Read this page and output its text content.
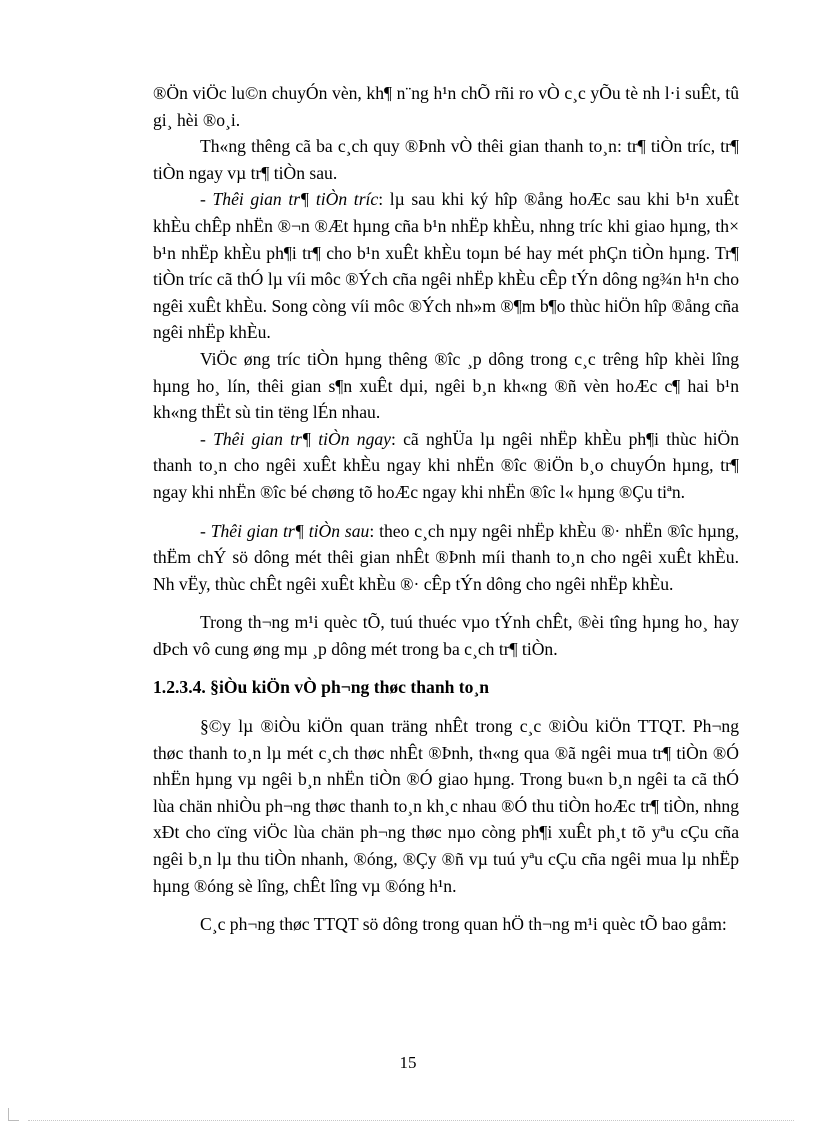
®Ön viÖc lu©n chuyÓn vèn, kh¶ n¨ng h¹n chÕ rñi ro vÒ c¸c yÕu tè nh l·i suÊt, tû gi¸ hèi ®o¸i.

Th«ng thêng cã ba c¸ch quy ®Þnh vÒ thêi gian thanh to¸n: tr¶ tiÒn tríc, tr¶ tiÒn ngay vµ tr¶ tiÒn sau.

- Thêi gian tr¶ tiÒn tríc: lµ sau khi ký hîp ®ång hoÆc sau khi b¹n xuÊt khÈu chÊp nhËn ®¬n ®Æt hµng cña b¹n nhËp khÈu, nhng tríc khi giao hµng, th× b¹n nhËp khÈu ph¶i tr¶ cho b¹n xuÊt khÈu toµn bé hay mét phÇn tiÒn hµng. Tr¶ tiÒn tríc cã thÓ lµ víi môc ®Ých cña ngêi nhËp khÈu cÊp tÝn dông ng¾n h¹n cho ngêi xuÊt khÈu. Song còng víi môc ®Ých nh»m ®¶m b¶o thùc hiÖn hîp ®ång cña ngêi nhËp khÈu.

ViÖc øng tríc tiÒn hµng thêng ®îc ¸p dông trong c¸c trêng hîp khèi lîng hµng ho¸ lín, thêi gian s¶n xuÊt dµi, ngêi b¸n kh«ng ®ñ vèn hoÆc c¶ hai b¹n kh«ng thËt sù tin tëng lÉn nhau.

- Thêi gian tr¶ tiÒn ngay: cã nghÜa lµ ngêi nhËp khÈu ph¶i thùc hiÖn thanh to¸n cho ngêi xuÊt khÈu ngay khi nhËn ®îc ®iÖn b¸o chuyÓn hµng, tr¶ ngay khi nhËn ®îc bé chøng tõ hoÆc ngay khi nhËn ®îc l« hµng ®Çu tiªn.

- Thêi gian tr¶ tiÒn sau: theo c¸ch nµy ngêi nhËp khÈu ®· nhËn ®îc hµng, thËm chÝ sö dông mét thêi gian nhÊt ®Þnh míi thanh to¸n cho ngêi xuÊt khÈu. Nh vËy, thùc chÊt ngêi xuÊt khÈu ®· cÊp tÝn dông cho ngêi nhËp khÈu.

Trong th¬ng m¹i quèc tÕ, tuú thuéc vµo tÝnh chÊt, ®èi tîng hµng ho¸ hay dÞch vô cung øng mµ ¸p dông mét trong ba c¸ch tr¶ tiÒn.

1.2.3.4. §iÒu kiÖn vÒ ph¬ng thøc thanh to¸n

§©y lµ ®iÒu kiÖn quan träng nhÊt trong c¸c ®iÒu kiÖn TTQT. Ph¬ng thøc thanh to¸n lµ mét c¸ch thøc nhÊt ®Þnh, th«ng qua ®ã ngêi mua tr¶ tiÒn ®Ó nhËn hµng vµ ngêi b¸n nhËn tiÒn ®Ó giao hµng. Trong bu«n b¸n ngêi ta cã thÓ lùa chän nhiÒu ph¬ng thøc thanh to¸n kh¸c nhau ®Ó thu tiÒn hoÆc tr¶ tiÒn, nhng xÐt cho cïng viÖc lùa chän ph¬ng thøc nµo còng ph¶i xuÊt ph¸t tõ yªu cÇu cña ngêi b¸n lµ thu tiÒn nhanh, ®óng, ®Çy ®ñ vµ tuú yªu cÇu cña ngêi mua lµ nhËp hµng ®óng sè lîng, chÊt lîng vµ ®óng h¹n.

C¸c ph¬ng thøc TTQT sö dông trong quan hÖ th¬ng m¹i quèc tÕ bao gåm:

15
